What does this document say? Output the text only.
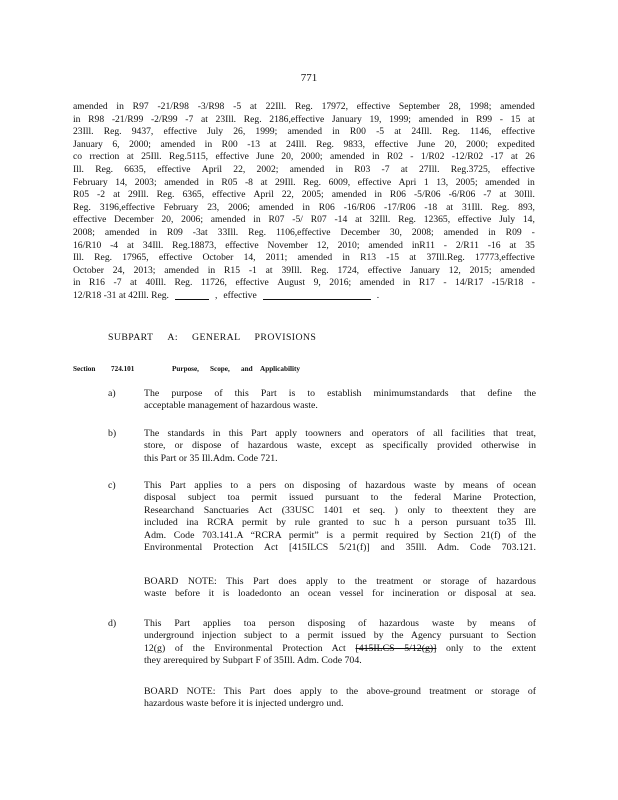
771
amended in R97 -21/R98 -3/R98 -5 at 22Ill. Reg. 17972, effective September 28, 1998; amended
in R98 -21/R99 -2/R99 -7 at 23Ill. Reg. 2186,effective January 19, 1999; amended in R99 - 15 at
23Ill. Reg. 9437, effective July 26, 1999; amended in R00 -5 at 24Ill. Reg. 1146, effective
January 6, 2000; amended in R00 -13 at 24Ill. Reg. 9833, effective June 20, 2000; expedited
co rrection at 25Ill. Reg.5115, effective June 20, 2000; amended in R02 - 1/R02 -12/R02 -17 at 26
Ill. Reg. 6635, effective April 22, 2002; amended in R03 -7 at 27Ill. Reg.3725, effective
February 14, 2003; amended in R05 -8 at 29Ill. Reg. 6009, effective Apri 1 13, 2005; amended in
R05 -2 at 29Ill. Reg. 6365, effective April 22, 2005; amended in R06 -5/R06 -6/R06 -7 at 30Ill.
Reg. 3196,effective February 23, 2006; amended in R06 -16/R06 -17/R06 -18 at 31Ill. Reg. 893,
effective December 20, 2006; amended in R07 -5/ R07 -14 at 32Ill. Reg. 12365, effective July 14,
2008; amended in R09 -3at 33Ill. Reg. 1106,effective December 30, 2008; amended in R09 -
16/R10 -4 at 34Ill. Reg.18873, effective November 12, 2010; amended inR11 - 2/R11 -16 at 35
Ill. Reg. 17965, effective October 14, 2011; amended in R13 -15 at 37Ill.Reg. 17773,effective
October 24, 2013; amended in R15 -1 at 39Ill. Reg. 1724, effective January 12, 2015; amended
in R16 -7 at 40Ill. Reg. 11726, effective August 9, 2016; amended in R17 - 14/R17 -15/R18 -
12/R18 -31 at 42Ill. Reg.	, effective	.
SUBPART A: GENERAL PROVISIONS
Section 724.101	Purpose, Scope, and Applicability
a)	The purpose of this Part is to establish minimumstandards that define the
acceptable management of hazardous waste.
b)	The standards in this Part apply toowners and operators of all facilities that treat,
store, or dispose of hazardous waste, except as specifically provided otherwise in
this Part or 35 Ill.Adm. Code 721.
c)	This Part applies to a pers on disposing of hazardous waste by means of ocean
disposal subject toa permit issued pursuant to the federal Marine Protection,
Researchand Sanctuaries Act (33USC 1401 et seq. ) only to theextent they are
included ina RCRA permit by rule granted to suc h a person pursuant to35 Ill.
Adm. Code 703.141.A “RCRA permit” is a permit required by Section 21(f) of the
Environmental Protection Act [415ILCS 5/21(f)] and 35Ill. Adm. Code 703.121.
BOARD NOTE: This Part does apply to the treatment or storage of hazardous
waste before it is loadedonto an ocean vessel for incineration or disposal at sea.
d)	This Part applies toa person disposing of hazardous waste by means of
underground injection subject to a permit issued by the Agency pursuant to Section
12(g) of the Environmental Protection Act [415ILCS 5/12(g)] only to the extent
they arerequired by Subpart F of 35Ill. Adm. Code 704.
BOARD NOTE: This Part does apply to the above-ground treatment or storage of
hazardous waste before it is injected undergro und.
